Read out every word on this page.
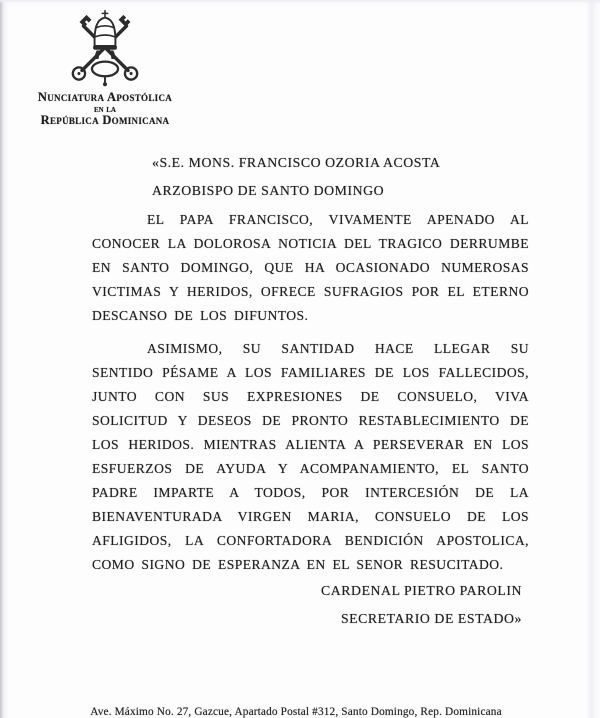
Nunciatura Apostólica
en la
República Dominicana
«S.E. MONS. FRANCISCO OZORIA ACOSTA
ARZOBISPO DE SANTO DOMINGO

EL PAPA FRANCISCO, VIVAMENTE APENADO AL CONOCER LA DOLOROSA NOTICIA DEL TRAGICO DERRUMBE EN SANTO DOMINGO, QUE HA OCASIONADO NUMEROSAS VICTIMAS Y HERIDOS, OFRECE SUFRAGIOS POR EL ETERNO DESCANSO DE LOS DIFUNTOS.

ASIMISMO, SU SANTIDAD HACE LLEGAR SU SENTIDO PÉSAME A LOS FAMILIARES DE LOS FALLECIDOS, JUNTO CON SUS EXPRESIONES DE CONSUELO, VIVA SOLICITUD Y DESEOS DE PRONTO RESTABLECIMIENTO DE LOS HERIDOS. MIENTRAS ALIENTA A PERSEVERAR EN LOS ESFUERZOS DE AYUDA Y ACOMPANAMIENTO, EL SANTO PADRE IMPARTE A TODOS, POR INTERCESIÓN DE LA BIENAVENTURADA VIRGEN MARIA, CONSUELO DE LOS AFLIGIDOS, LA CONFORTADORA BENDICIÓN APOSTOLICA, COMO SIGNO DE ESPERANZA EN EL SENOR RESUCITADO.

CARDENAL PIETRO PAROLIN
SECRETARIO DE ESTADO»
Ave. Máximo No. 27, Gazcue, Apartado Postal #312, Santo Domingo, Rep. Dominicana
